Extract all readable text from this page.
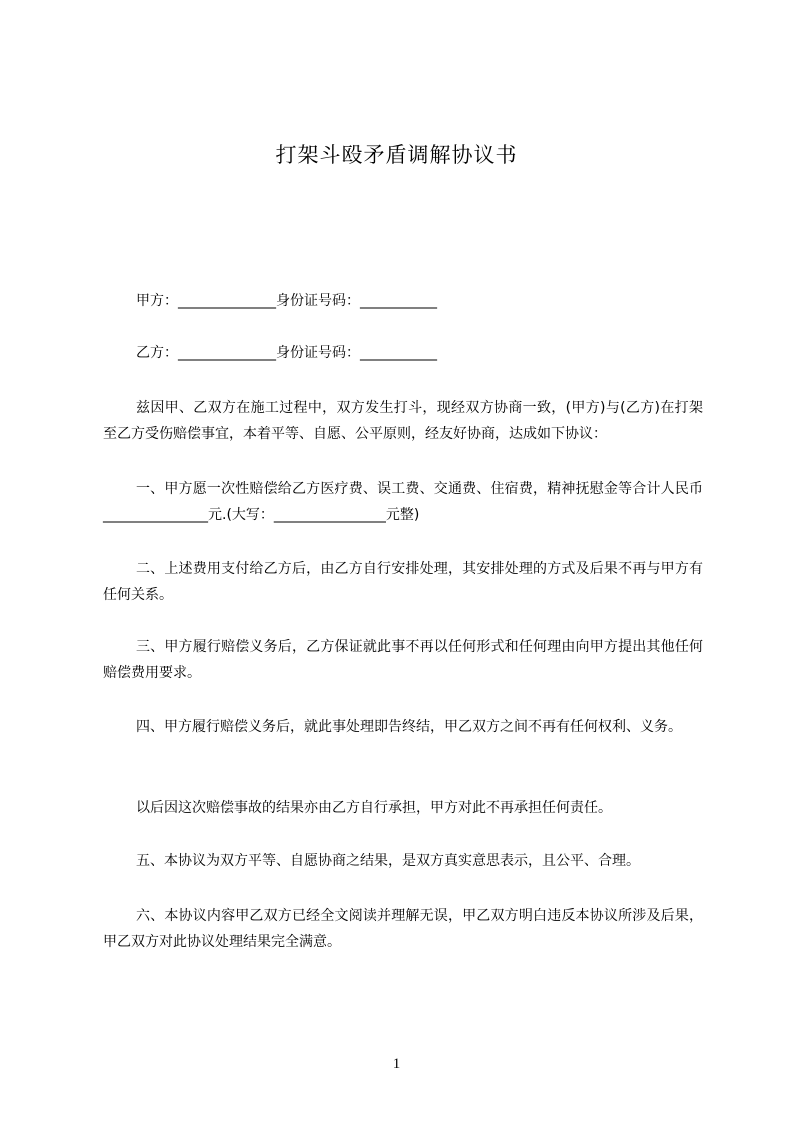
打架斗殴矛盾调解协议书
甲方：______________身份证号码：___________
乙方：______________身份证号码：___________
兹因甲、乙双方在施工过程中，双方发生打斗，现经双方协商一致，(甲方)与(乙方)在打架至乙方受伤赔偿事宜，本着平等、自愿、公平原则，经友好协商，达成如下协议：
一、甲方愿一次性赔偿给乙方医疗费、误工费、交通费、住宿费，精神抚慰金等合计人民币_______________元.(大写：________________元整)
二、上述费用支付给乙方后，由乙方自行安排处理，其安排处理的方式及后果不再与甲方有任何关系。
三、甲方履行赔偿义务后，乙方保证就此事不再以任何形式和任何理由向甲方提出其他任何赔偿费用要求。
四、甲方履行赔偿义务后，就此事处理即告终结，甲乙双方之间不再有任何权利、义务。
以后因这次赔偿事故的结果亦由乙方自行承担，甲方对此不再承担任何责任。
五、本协议为双方平等、自愿协商之结果，是双方真实意思表示，且公平、合理。
六、本协议内容甲乙双方已经全文阅读并理解无误，甲乙双方明白违反本协议所涉及后果，甲乙双方对此协议处理结果完全满意。
1
